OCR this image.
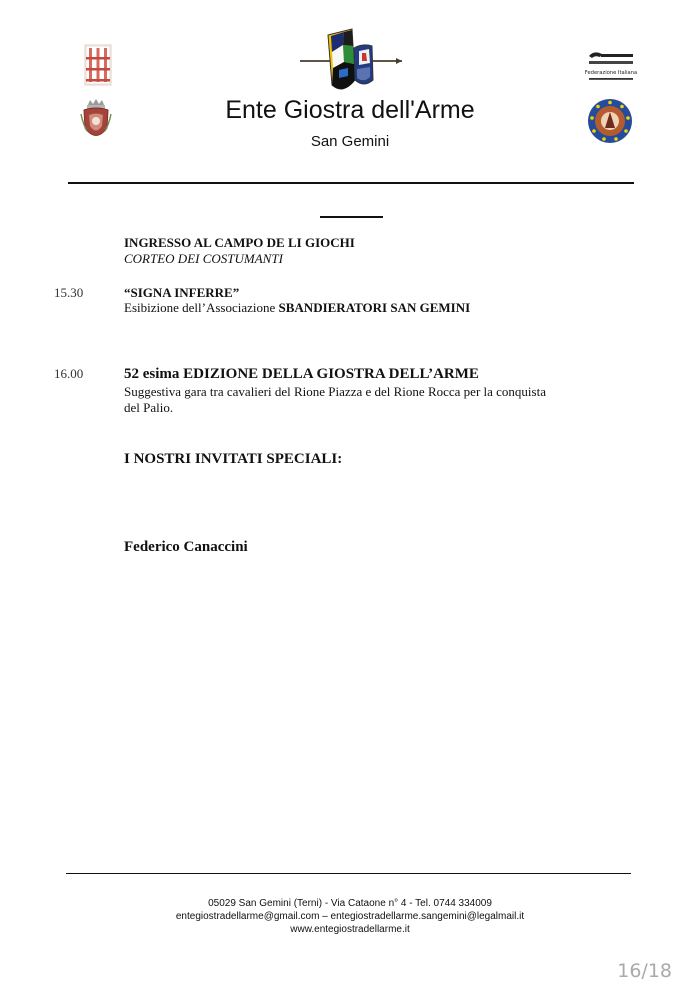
Federazione Italiana
Ente Giostra dell'Arme
San Gemini
INGRESSO AL CAMPO DE LI GIOCHI
CORTEO DEI COSTUMANTI
15.30	“SIGNA INFERRE”
Esibizione dell’Associazione SBANDIERATORI SAN GEMINI
16.00	52 esima EDIZIONE DELLA GIOSTRA DELL’ARME
Suggestiva gara tra cavalieri del Rione Piazza e del Rione Rocca per la conquista
del Palio.
I NOSTRI INVITATI SPECIALI:
Federico Canaccini
05029 San Gemini (Terni) - Via Cataone n° 4 - Tel. 0744 334009
entegiostradellarme@gmail.com – entegiostradellarme.sangemini@legalmail.it
www.entegiostradellarme.it
16/18
